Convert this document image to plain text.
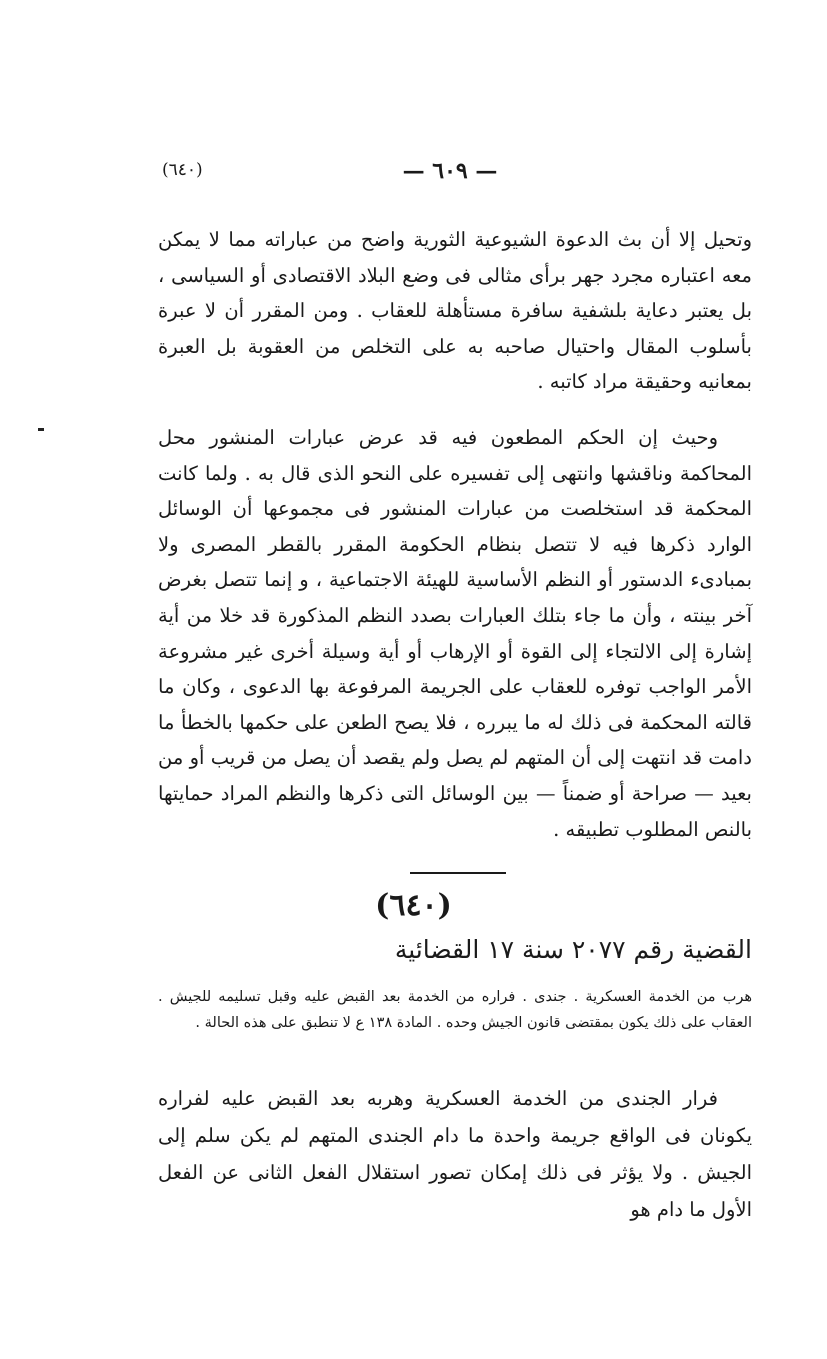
— ٦٠٩ —
(٦٤٠)
وتحيل إلا أن بث الدعوة الشيوعية الثورية واضح من عباراته مما لا يمكن معه اعتباره مجرد جهر برأى مثالى فى وضع البلاد الاقتصادى أو السياسى ، بل يعتبر دعاية بلشفية سافرة مستأهلة للعقاب . ومن المقرر أن لا عبرة بأسلوب المقال واحتيال صاحبه به على التخلص من العقوبة بل العبرة بمعانيه وحقيقة مراد كاتبه .
وحيث إن الحكم المطعون فيه قد عرض عبارات المنشور محل المحاكمة وناقشها وانتهى إلى تفسيره على النحو الذى قال به . ولما كانت المحكمة قد استخلصت من عبارات المنشور فى مجموعها أن الوسائل الوارد ذكرها فيه لا تتصل بنظام الحكومة المقرر بالقطر المصرى ولا بمبادىء الدستور أو النظم الأساسية للهيئة الاجتماعية ، و إنما تتصل بغرض آخر بينته ، وأن ما جاء بتلك العبارات بصدد النظم المذكورة قد خلا من أية إشارة إلى الالتجاء إلى القوة أو الإرهاب أو أية وسيلة أخرى غير مشروعة الأمر الواجب توفره للعقاب على الجريمة المرفوعة بها الدعوى ، وكان ما قالته المحكمة فى ذلك له ما يبرره ، فلا يصح الطعن على حكمها بالخطأ ما دامت قد انتهت إلى أن المتهم لم يصل ولم يقصد أن يصل من قريب أو من بعيد — صراحة أو ضمناً — بين الوسائل التى ذكرها والنظم المراد حمايتها بالنص المطلوب تطبيقه .
(٦٤٠)
القضية رقم ٢٠٧٧ سنة ١٧ القضائية
هرب من الخدمة العسكرية . جندى . فراره من الخدمة بعد القبض عليه وقبل تسليمه للجيش . العقاب على ذلك يكون بمقتضى قانون الجيش وحده . المادة ١٣٨ ع لا تنطبق على هذه الحالة .
فرار الجندى من الخدمة العسكرية وهربه بعد القبض عليه لفراره يكونان فى الواقع جريمة واحدة ما دام الجندى المتهم لم يكن سلم إلى الجيش . ولا يؤثر فى ذلك إمكان تصور استقلال الفعل الثانى عن الفعل الأول ما دام هو
